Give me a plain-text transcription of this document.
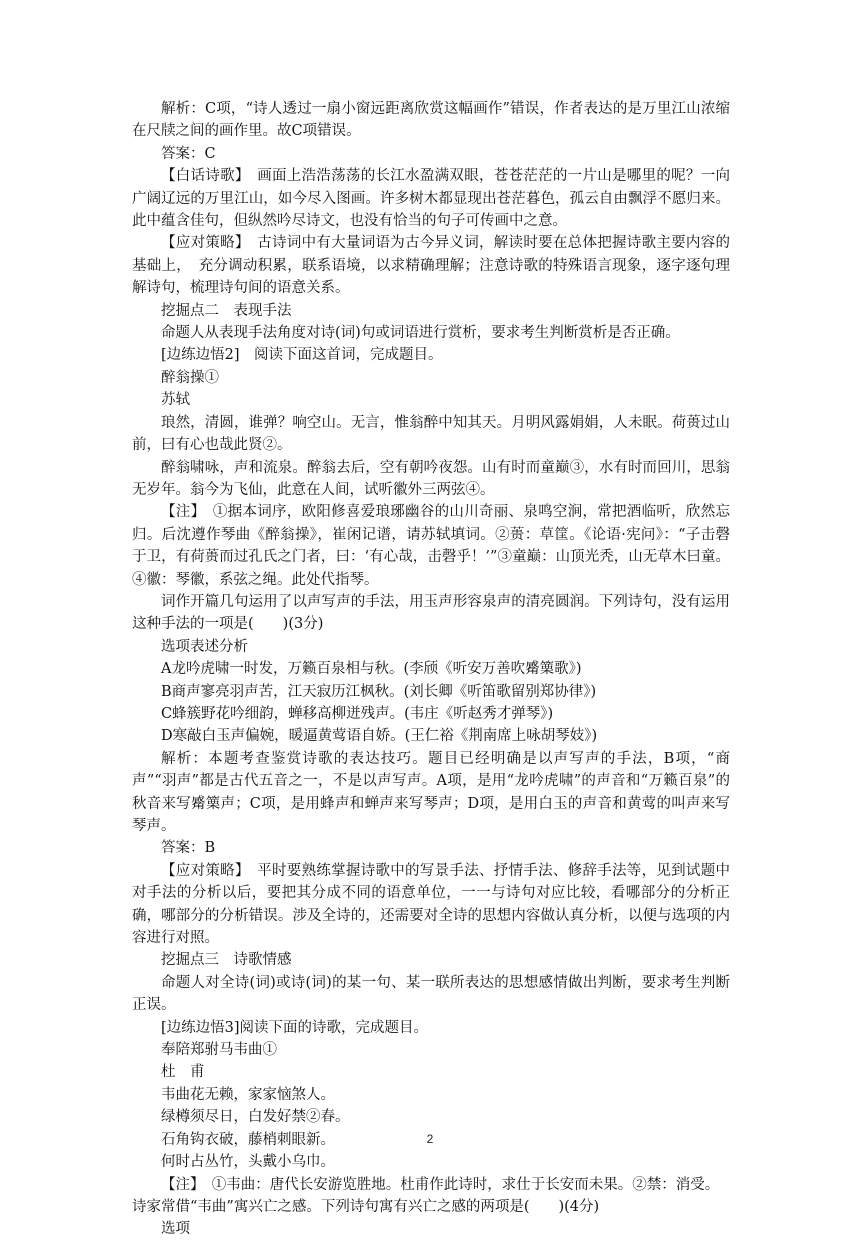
解析：C项，“诗人透过一扇小窗远距离欣赏这幅画作”错误，作者表达的是万里江山浓缩在尺牍之间的画作里。故C项错误。

答案：C

【白话诗歌】　画面上浩浩荡荡的长江水盈满双眼，苍苍茫茫的一片山是哪里的呢？一向广阔辽远的万里江山，如今尽入图画。许多树木都显现出苍茫暮色，孤云自由飘浮不愿归来。此中蕴含佳句，但纵然吟尽诗文，也没有恰当的句子可传画中之意。

【应对策略】　古诗词中有大量词语为古今异义词，解读时要在总体把握诗歌主要内容的基础上，　充分调动积累，联系语境，以求精确理解；注意诗歌的特殊语言现象，逐字逐句理解诗句，梳理诗句间的语意关系。

挖掘点二　表现手法

命题人从表现手法角度对诗(词)句或词语进行赏析，要求考生判断赏析是否正确。

[边练边悟2]　阅读下面这首词，完成题目。

醉翁操①

苏轼

琅然，清圆，谁弹？响空山。无言，惟翁醉中知其天。月明风露娟娟，人未眠。荷蒉过山前，曰有心也哉此贤②。

醉翁啸咏，声和流泉。醉翁去后，空有朝吟夜怨。山有时而童巅③，水有时而回川，思翁无岁年。翁今为飞仙，此意在人间，试听徽外三两弦④。

【注】　①据本词序，欧阳修喜爱琅琊幽谷的山川奇丽、泉鸣空涧，常把酒临听，欣然忘归。后沈遵作琴曲《醉翁操》，崔闲记谱，请苏轼填词。②蒉：草筐。《论语·宪问》：“子击磬于卫，有荷蒉而过孔氏之门者，曰：‘有心哉，击磬乎！’”③童巅：山顶光秃，山无草木曰童。④徽：琴徽，系弦之绳。此处代指琴。

词作开篇几句运用了以声写声的手法，用玉声形容泉声的清亮圆润。下列诗句，没有运用这种手法的一项是(　　)(3分)

选项表述分析

A龙吟虎啸一时发，万籁百泉相与秋。(李颀《听安万善吹觱篥歌》)

B商声寥亮羽声苦，江天寂历江枫秋。(刘长卿《听笛歌留别郑协律》)

C蜂簇野花吟细韵，蝉移高柳迸残声。(韦庄《听赵秀才弹琴》)

D寒敲白玉声偏婉，暖逼黄莺语自娇。(王仁裕《荆南席上咏胡琴妓》)

解析：本题考查鉴赏诗歌的表达技巧。题目已经明确是以声写声的手法，B项，“商声”“羽声”都是古代五音之一，不是以声写声。A项，是用“龙吟虎啸”的声音和“万籁百泉”的秋音来写觱篥声；C项，是用蜂声和蝉声来写琴声；D项，是用白玉的声音和黄莺的叫声来写琴声。

答案：B

【应对策略】　平时要熟练掌握诗歌中的写景手法、抒情手法、修辞手法等，见到试题中对手法的分析以后，要把其分成不同的语意单位，一一与诗句对应比较，看哪部分的分析正确，哪部分的分析错误。涉及全诗的，还需要对全诗的思想内容做认真分析，以便与选项的内容进行对照。

挖掘点三　诗歌情感

命题人对全诗(词)或诗(词)的某一句、某一联所表达的思想感情做出判断，要求考生判断正误。

[边练边悟3]阅读下面的诗歌，完成题目。

奉陪郑驸马韦曲①

杜　甫

韦曲花无赖，家家恼煞人。

绿樽须尽日，白发好禁②春。

石角钩衣破，藤梢刺眼新。

何时占丛竹，头戴小乌巾。

【注】　①韦曲：唐代长安游览胜地。杜甫作此诗时，求仕于长安而未果。②禁：消受。

诗家常借“韦曲”寓兴亡之感。下列诗句寓有兴亡之感的两项是(　　)(4分)

选项

2
